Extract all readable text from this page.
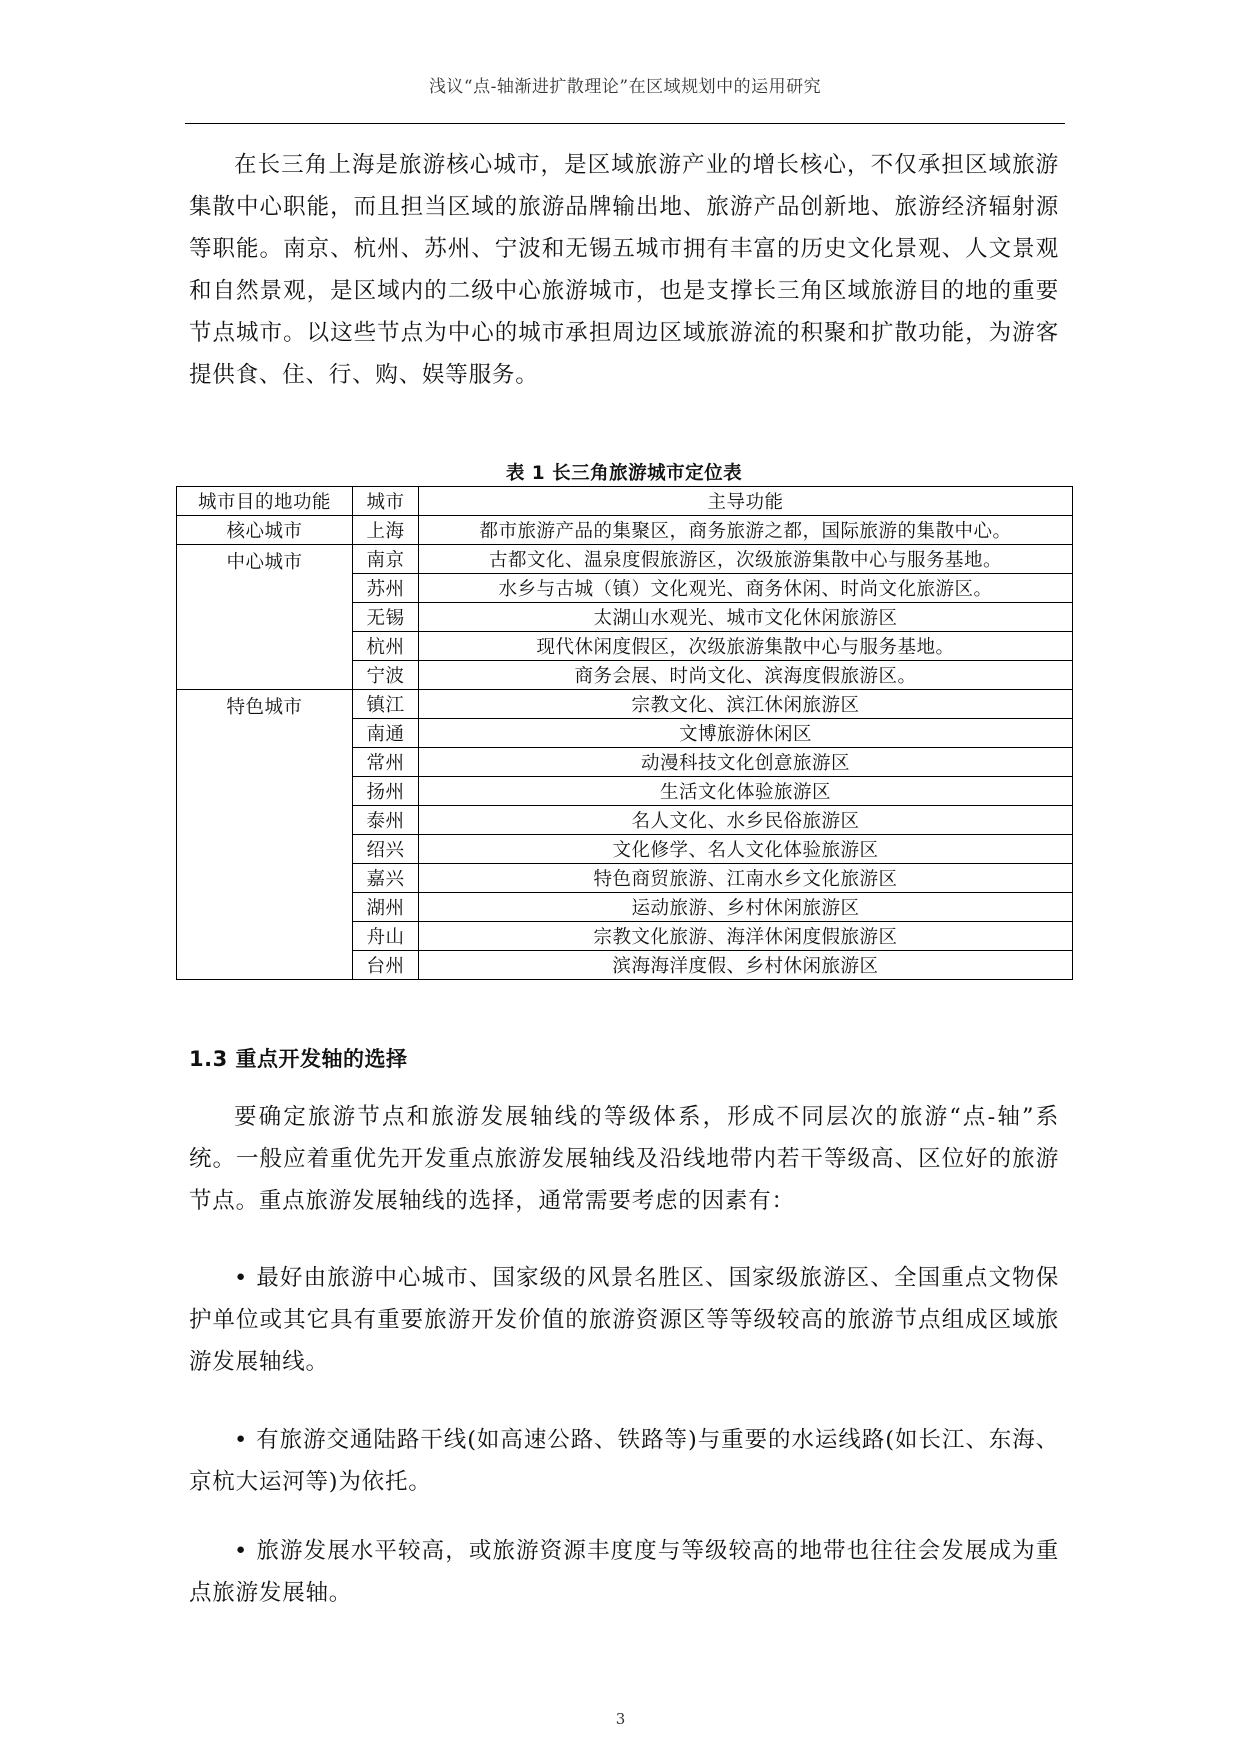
浅议“点-轴渐进扩散理论”在区域规划中的运用研究

在长三角上海是旅游核心城市，是区域旅游产业的增长核心，不仅承担区域旅游集散中心职能，而且担当区域的旅游品牌输出地、旅游产品创新地、旅游经济辐射源等职能。南京、杭州、苏州、宁波和无锡五城市拥有丰富的历史文化景观、人文景观和自然景观，是区域内的二级中心旅游城市，也是支撑长三角区域旅游目的地的重要节点城市。以这些节点为中心的城市承担周边区域旅游流的积聚和扩散功能，为游客提供食、住、行、购、娱等服务。

表 1 长三角旅游城市定位表
城市目的地功能	城市	主导功能
核心城市	上海	都市旅游产品的集聚区，商务旅游之都，国际旅游的集散中心。
中心城市	南京	古都文化、温泉度假旅游区，次级旅游集散中心与服务基地。
	苏州	水乡与古城（镇）文化观光、商务休闲、时尚文化旅游区。
	无锡	太湖山水观光、城市文化休闲旅游区
	杭州	现代休闲度假区，次级旅游集散中心与服务基地。
	宁波	商务会展、时尚文化、滨海度假旅游区。
特色城市	镇江	宗教文化、滨江休闲旅游区
	南通	文博旅游休闲区
	常州	动漫科技文化创意旅游区
	扬州	生活文化体验旅游区
	泰州	名人文化、水乡民俗旅游区
	绍兴	文化修学、名人文化体验旅游区
	嘉兴	特色商贸旅游、江南水乡文化旅游区
	湖州	运动旅游、乡村休闲旅游区
	舟山	宗教文化旅游、海洋休闲度假旅游区
	台州	滨海海洋度假、乡村休闲旅游区
1.3 重点开发轴的选择

要确定旅游节点和旅游发展轴线的等级体系，形成不同层次的旅游“点-轴”系统。一般应着重优先开发重点旅游发展轴线及沿线地带内若干等级高、区位好的旅游节点。重点旅游发展轴线的选择，通常需要考虑的因素有：

• 最好由旅游中心城市、国家级的风景名胜区、国家级旅游区、全国重点文物保护单位或其它具有重要旅游开发价值的旅游资源区等等级较高的旅游节点组成区域旅游发展轴线。

• 有旅游交通陆路干线(如高速公路、铁路等)与重要的水运线路(如长江、东海、京杭大运河等)为依托。

• 旅游发展水平较高，或旅游资源丰度度与等级较高的地带也往往会发展成为重点旅游发展轴。

3
